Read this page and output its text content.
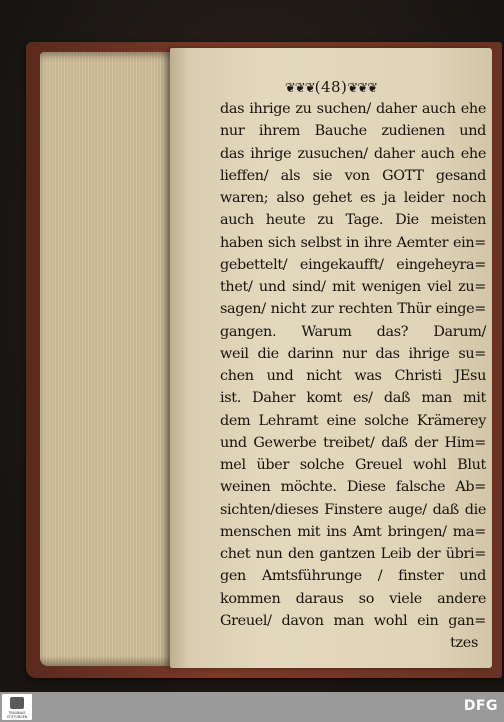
❦❦❦(48)❦❦❦
das ihrige zu suchen/ daher auch ehe
nur ihrem Bauche zudienen und
das ihrige zusuchen/ daher auch ehe
lieffen/ als sie von GOTT gesand
waren; also gehet es ja leider noch
auch heute zu Tage. Die meisten
haben sich selbst in ihre Aemter ein=
gebettelt/ eingekaufft/ eingeheyra=
thet/ und sind/ mit wenigen viel zu=
sagen/ nicht zur rechten Thür einge=
gangen. Warum das? Darum/
weil die darinn nur das ihrige su=
chen und nicht was Christi JEsu
ist. Daher komt es/ daß man mit
dem Lehramt eine solche Krämerey
und Gewerbe treibet/ daß der Him=
mel über solche Greuel wohl Blut
weinen möchte. Diese falsche Ab=
sichten/dieses Finstere auge/ daß die
menschen mit ins Amt bringen/ ma=
chet nun den gantzen Leib der übri=
gen Amtsführunge / finster und
kommen daraus so viele andere
Greuel/ davon man wohl ein gan=
tzes
TRAGBAKE STIFTUNGEN
DFG
